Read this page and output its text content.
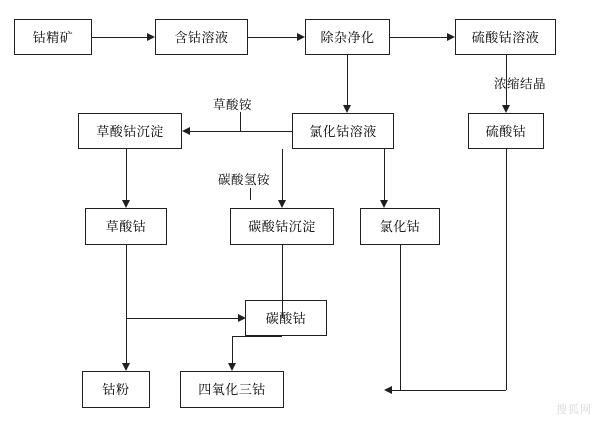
钴精矿	含钴溶液	除杂净化	硫酸钴溶液
硫酸钴
氯化钴溶液
草酸钴沉淀
草酸钴	碳酸钴沉淀	氯化钴
碳酸钴
钴粉	四氧化三钴
浓缩结晶
草酸铵
碳酸氢铵
搜狐网
